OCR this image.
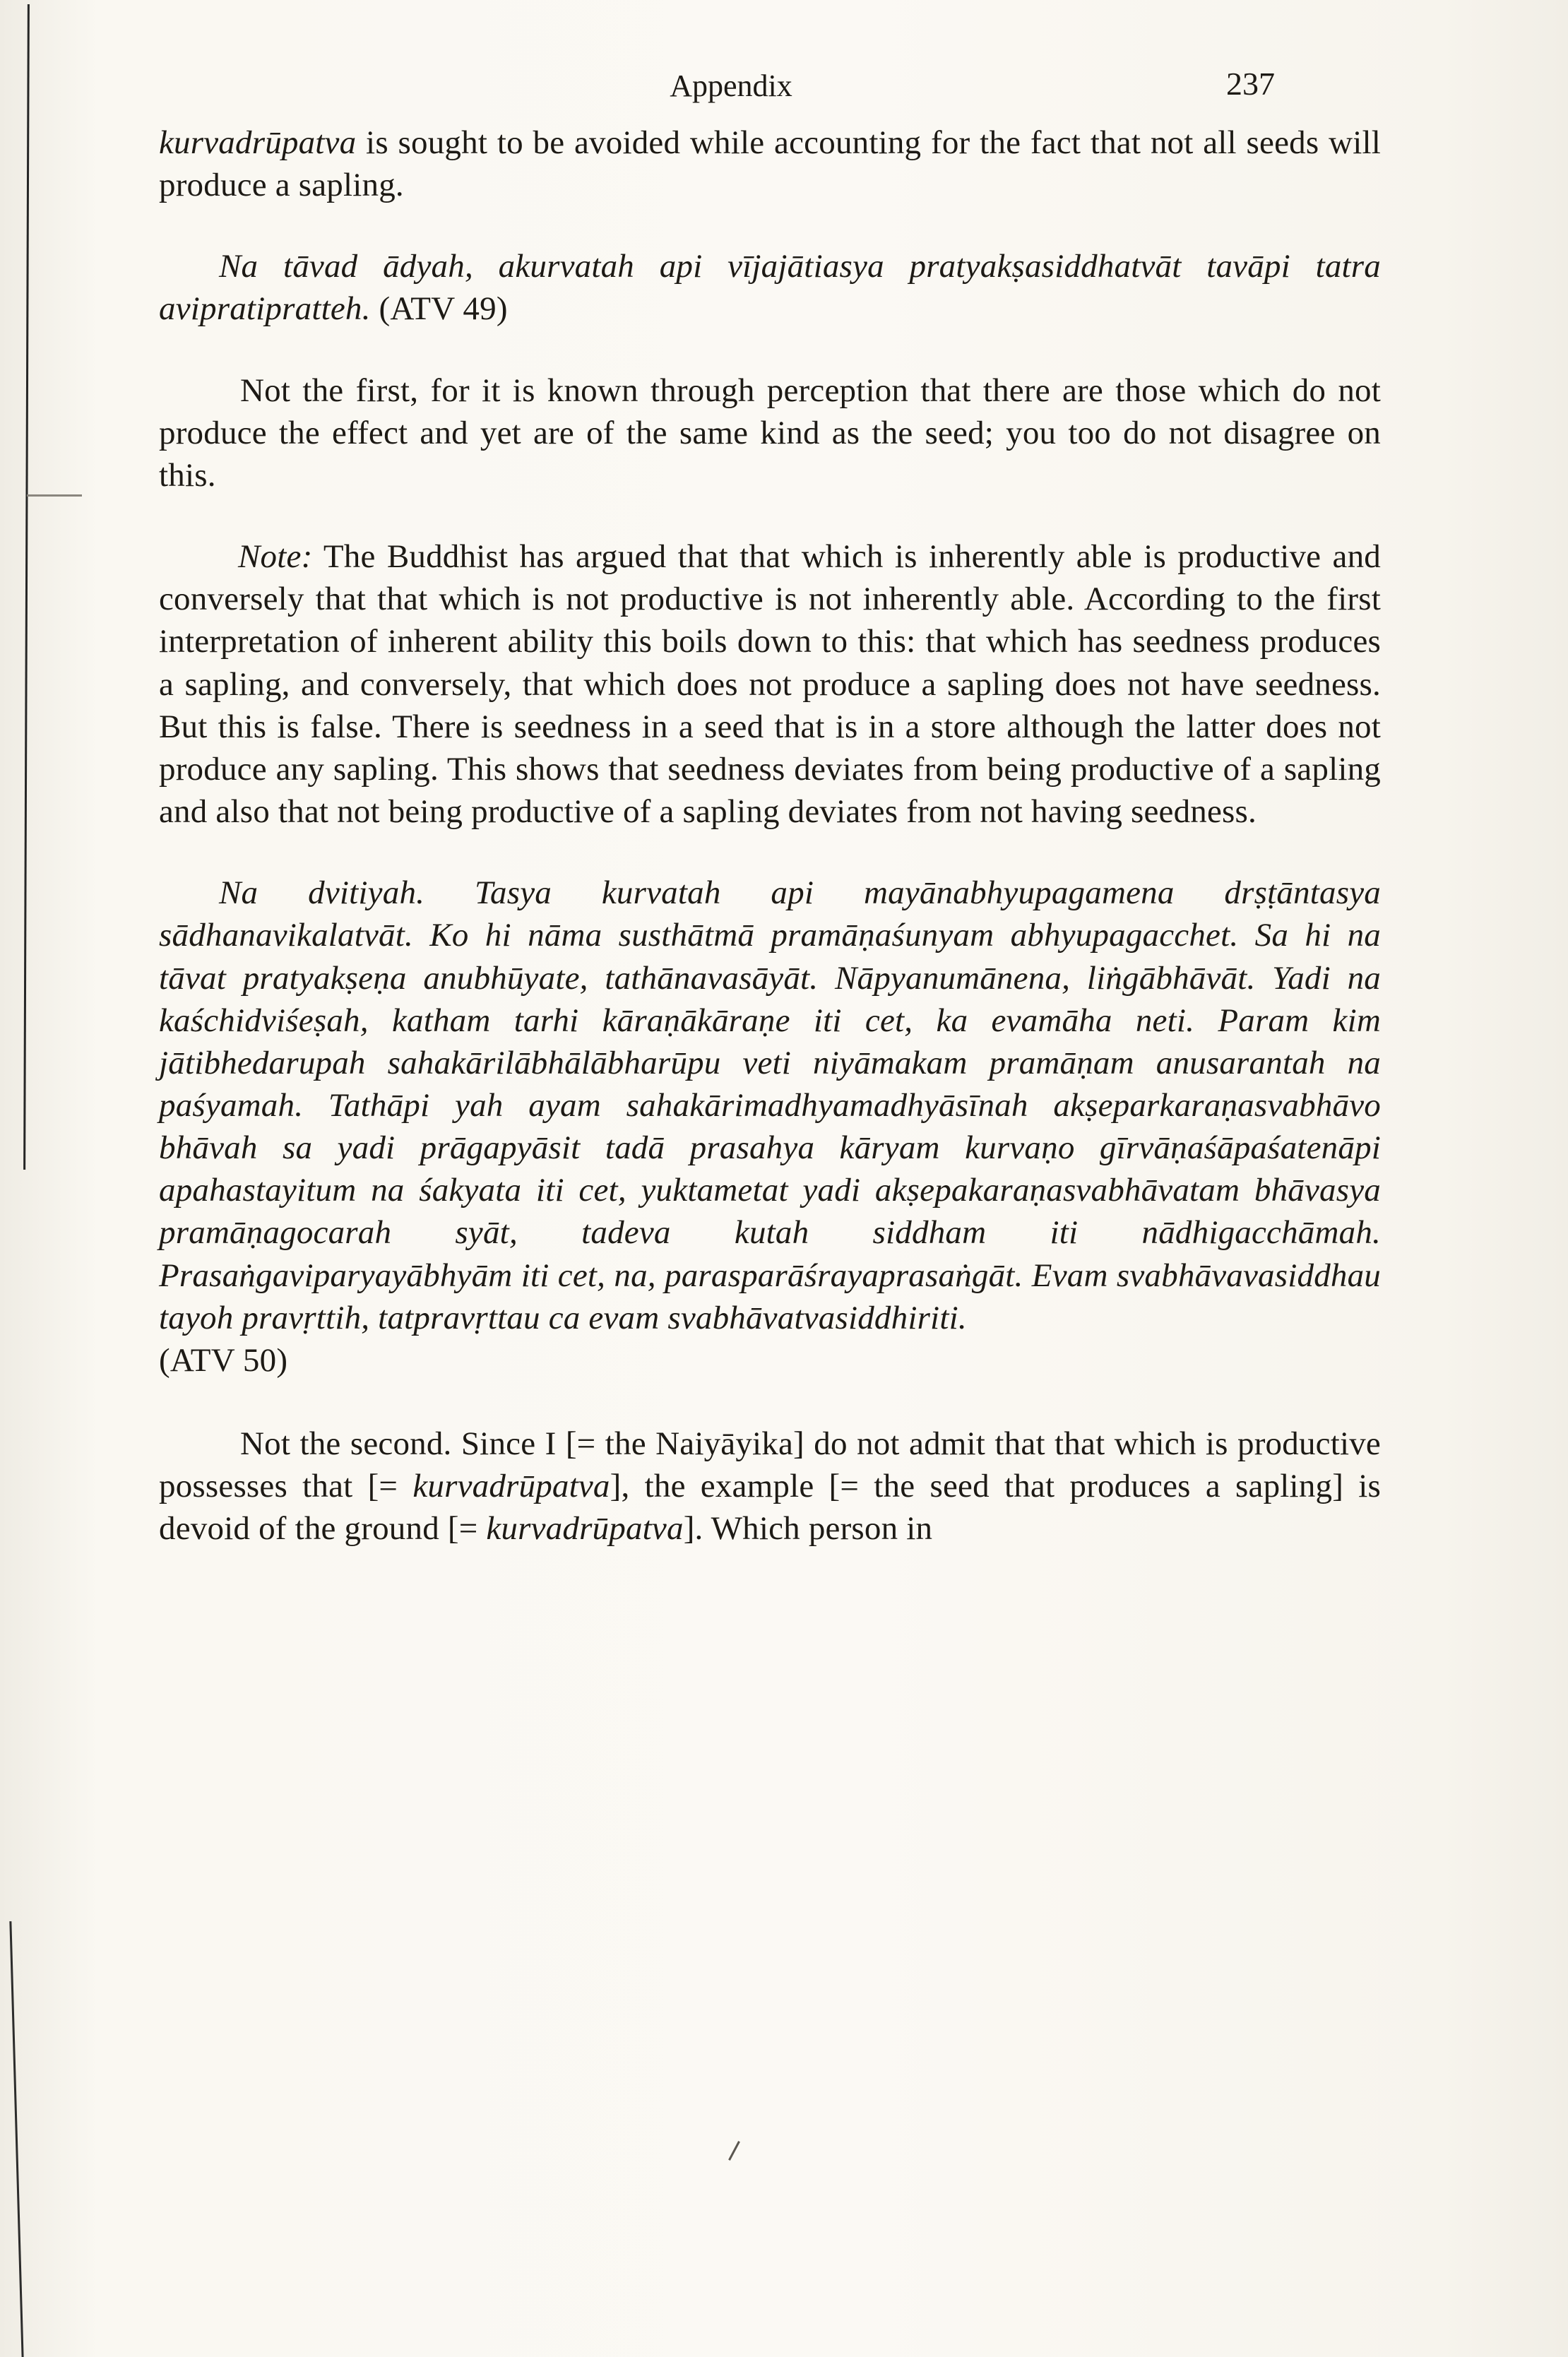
Appendix	237

kurvadrūpatva is sought to be avoided while accounting for the fact that not all seeds will produce a sapling.

Na tāvad ādyah, akurvatah api vījajātiasya pratyakṣasiddhatvāt tavāpi tatra avipratipratteh. (ATV 49)

Not the first, for it is known through perception that there are those which do not produce the effect and yet are of the same kind as the seed; you too do not disagree on this.

Note: The Buddhist has argued that that which is inherently able is productive and conversely that that which is not productive is not inherently able. According to the first interpretation of inherent ability this boils down to this: that which has seedness produces a sapling, and conversely, that which does not produce a sapling does not have seedness. But this is false. There is seedness in a seed that is in a store although the latter does not produce any sapling. This shows that seedness deviates from being productive of a sapling and also that not being productive of a sapling deviates from not having seedness.

Na dvitiyah. Tasya kurvatah api mayānabhyupagamena drṣṭāntasya sādhanavikalatvāt. Ko hi nāma susthātmā pramāṇaśunyam abhyupagacchet. Sa hi na tāvat pratyakṣeṇa anubhūyate, tathānavasāyāt. Nāpyanumānena, liṅgābhāvāt. Yadi na kaśchidviśeṣah, katham tarhi kāraṇākāraṇe iti cet, ka evamāha neti. Param kim jātibhedarupah sahakārilābhālābharūpu veti niyāmakam pramāṇam anusarantah na paśyamah. Tathāpi yah ayam sahakārimadhyamadhyāsīnah akṣeparkaraṇasvabhāvo bhāvah sa yadi prāgapyāsit tadā prasahya kāryam kurvaṇo gīrvāṇaśāpaśatenāpi apahastayitum na śakyata iti cet, yuktametat yadi akṣepakaraṇasvabhāvatam bhāvasya pramāṇagocarah syāt, tadeva kutah siddham iti nādhigacchāmah. Prasaṅgaviparyayābhyām iti cet, na, parasparāśrayaprasaṅgāt. Evam svabhāvavasiddhau tayoh pravṛttih, tatpravṛttau ca evam svabhāvatvasiddhiriti.

(ATV 50)

Not the second. Since I [= the Naiyāyika] do not admit that that which is productive possesses that [= kurvadrūpatva], the example [= the seed that produces a sapling] is devoid of the ground [= kurvadrūpatva]. Which person in
